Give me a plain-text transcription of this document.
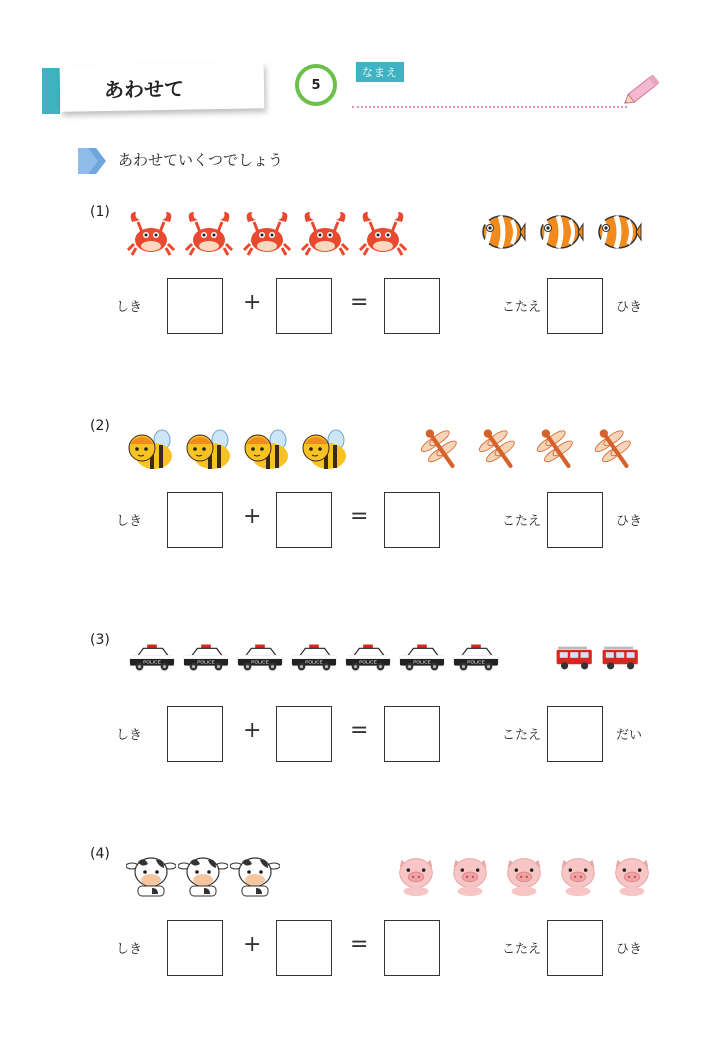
あわせて	5
なまえ
あわせていくつでしょう
(1)
しき	+	=	こたえ	ひき
(2)
しき	+	=	こたえ	ひき
(3)
しき	+	=	こたえ	だい
(4)
しき	+	=	こたえ	ひき
